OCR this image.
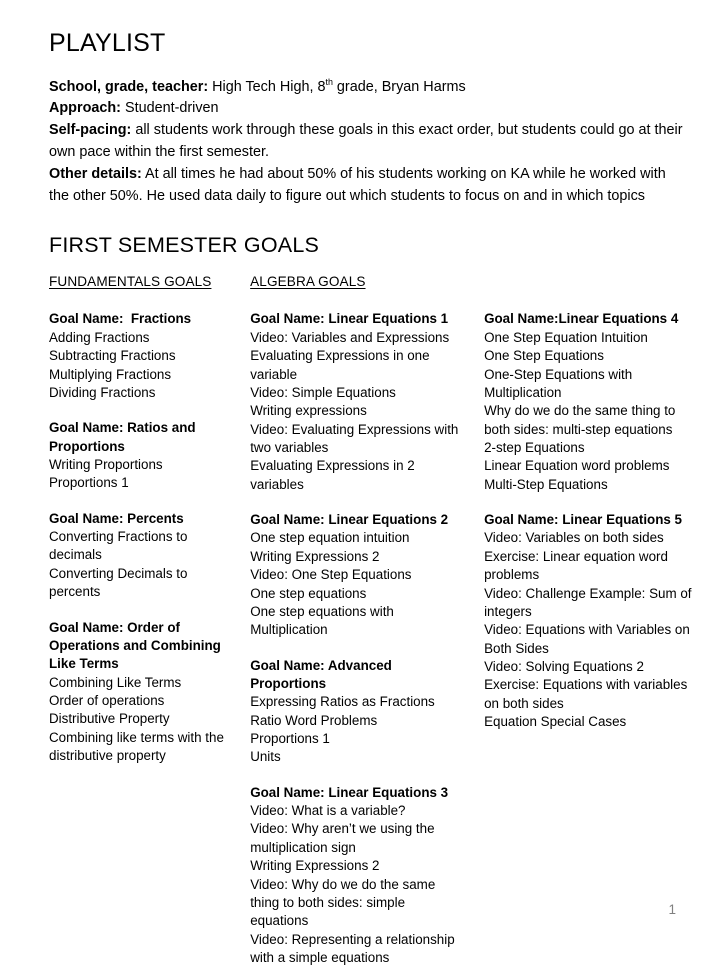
PLAYLIST

School, grade, teacher: High Tech High, 8th grade, Bryan Harms

Approach: Student-driven

Self-pacing: all students work through these goals in this exact order, but students could go at their own pace within the first semester.

Other details: At all times he had about 50% of his students working on KA while he worked with the other 50%. He used data daily to figure out which students to focus on and in which topics

FIRST SEMESTER GOALS
FUNDAMENTALS GOALS	ALGEBRA GOALS
Goal Name:  Fractions
Adding Fractions
Subtracting Fractions
Multiplying Fractions
Dividing Fractions
Goal Name: Ratios and Proportions
Writing Proportions
Proportions 1
Goal Name: Percents
Converting Fractions to decimals
Converting Decimals to percents
Goal Name: Order of Operations and Combining Like Terms
Combining Like Terms
Order of operations
Distributive Property
Combining like terms with the distributive property
Goal Name: Linear Equations 1
Video: Variables and Expressions
Evaluating Expressions in one variable
Video: Simple Equations
Writing expressions
Video: Evaluating Expressions with two variables
Evaluating Expressions in 2 variables
Goal Name: Linear Equations 2
One step equation intuition
Writing Expressions 2
Video: One Step Equations
One step equations
One step equations with Multiplication
Goal Name: Advanced Proportions
Expressing Ratios as Fractions
Ratio Word Problems
Proportions 1
Units
Goal Name: Linear Equations 3
Video: What is a variable?
Video: Why aren’t we using the multiplication sign
Writing Expressions 2
Video: Why do we do the same thing to both sides: simple equations
Video: Representing a relationship with a simple equations
Goal Name:Linear Equations 4
One Step Equation Intuition
One Step Equations
One-Step Equations with Multiplication
Why do we do the same thing to both sides: multi-step equations
2-step Equations
Linear Equation word problems
Multi-Step Equations
Goal Name: Linear Equations 5
Video: Variables on both sides
Exercise: Linear equation word problems
Video: Challenge Example: Sum of integers
Video: Equations with Variables on Both Sides
Video: Solving Equations 2
Exercise: Equations with variables on both sides
Equation Special Cases
1
